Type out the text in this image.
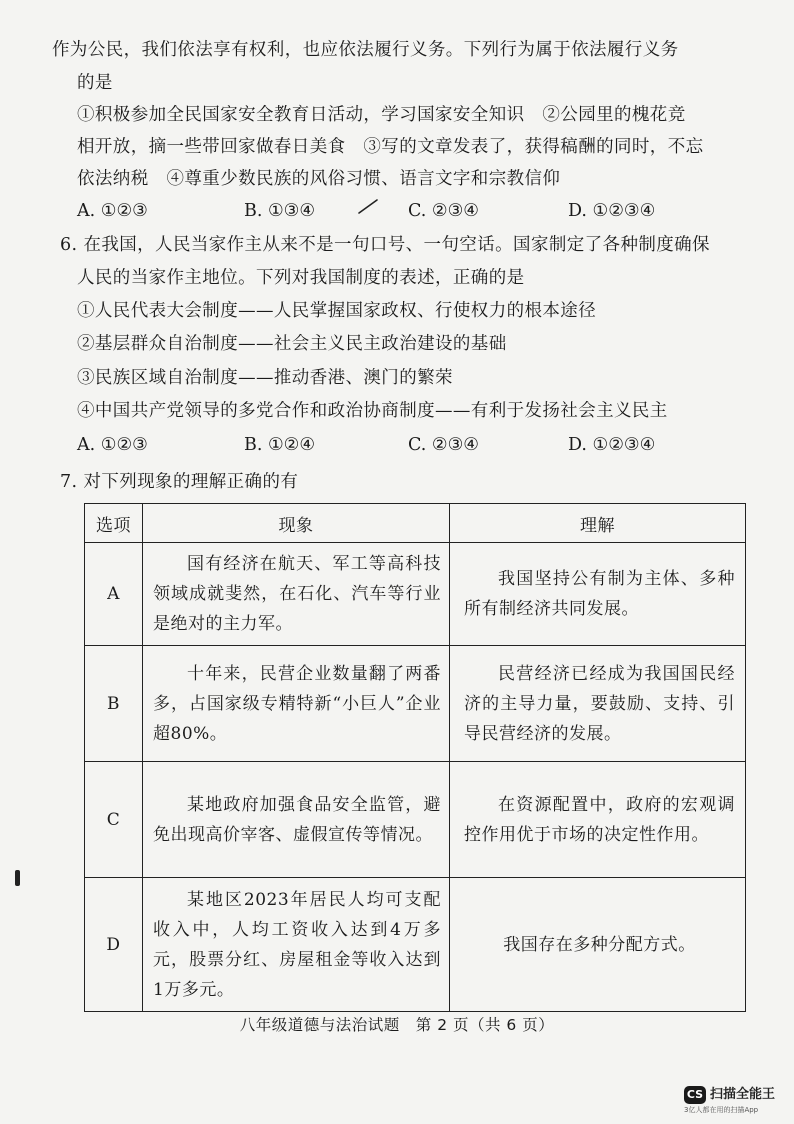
作为公民，我们依法享有权利，也应依法履行义务。下列行为属于依法履行义务
的是
①积极参加全民国家安全教育日活动，学习国家安全知识　②公园里的槐花竞
相开放，摘一些带回家做春日美食　③写的文章发表了，获得稿酬的同时，不忘
依法纳税　④尊重少数民族的风俗习惯、语言文字和宗教信仰
A. ①②③	B. ①③④	C. ②③④	D. ①②③④
6. 在我国，人民当家作主从来不是一句口号、一句空话。国家制定了各种制度确保
人民的当家作主地位。下列对我国制度的表述，正确的是
①人民代表大会制度——人民掌握国家政权、行使权力的根本途径
②基层群众自治制度——社会主义民主政治建设的基础
③民族区域自治制度——推动香港、澳门的繁荣
④中国共产党领导的多党合作和政治协商制度——有利于发扬社会主义民主
A. ①②③	B. ①②④	C. ②③④	D. ①②③④
7. 对下列现象的理解正确的有
选项	现象	理解
A	国有经济在航天、军工等高科技领域成就斐然，在石化、汽车等行业是绝对的主力军。	我国坚持公有制为主体、多种所有制经济共同发展。
B	十年来，民营企业数量翻了两番多，占国家级专精特新“小巨人”企业超80%。	民营经济已经成为我国国民经济的主导力量，要鼓励、支持、引导民营经济的发展。
C	某地政府加强食品安全监管，避免出现高价宰客、虚假宣传等情况。	在资源配置中，政府的宏观调控作用优于市场的决定性作用。
D	某地区2023年居民人均可支配收入中，人均工资收入达到4万多元，股票分红、房屋租金等收入达到1万多元。	我国存在多种分配方式。
八年级道德与法治试题　第 2 页（共 6 页）
CS 扫描全能王
3亿人都在用的扫描App
